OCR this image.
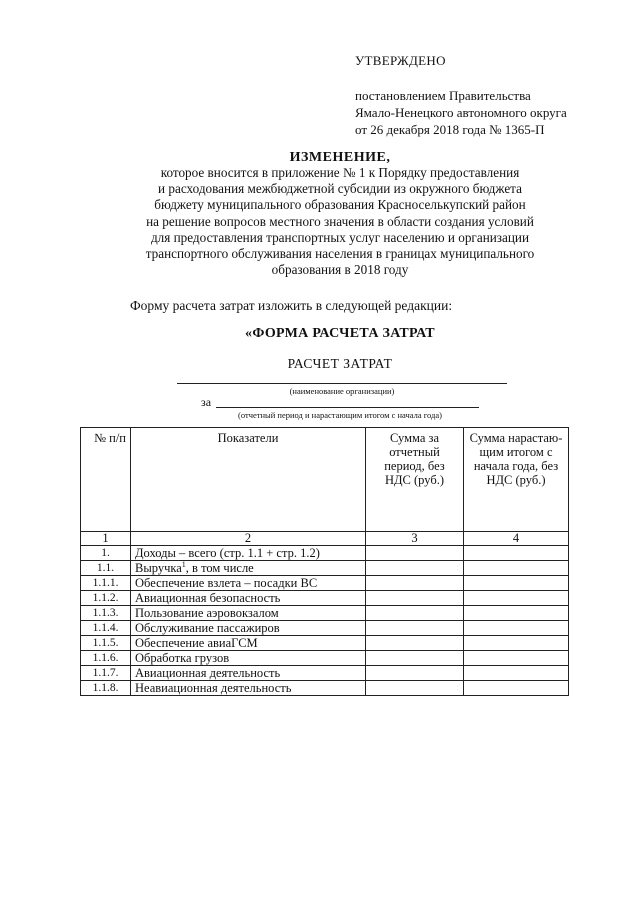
УТВЕРЖДЕНО
постановлением Правительства
Ямало-Ненецкого автономного округа
от 26 декабря 2018 года № 1365-П
ИЗМЕНЕНИЕ,
которое вносится в приложение № 1 к Порядку предоставления
и расходования межбюджетной субсидии из окружного бюджета
бюджету муниципального образования Красноселькупский район
на решение вопросов местного значения в области создания условий
для предоставления транспортных услуг населению и организации
транспортного обслуживания населения в границах муниципального
образования в 2018 году
Форму расчета затрат изложить в следующей редакции:
«ФОРМА РАСЧЕТА ЗАТРАТ
РАСЧЕТ ЗАТРАТ
(наименование организации)
за
(отчетный период и нарастающим итогом с начала года)
№ п/п	Показатели	Сумма за отчетный период, без НДС (руб.)	Сумма нарастаю-щим итогом с начала года, без НДС (руб.)
1	2	3	4
1.	Доходы – всего (стр. 1.1 + стр. 1.2)		
1.1.	Выручка$^1$, в том числе		
1.1.1.	Обеспечение взлета – посадки ВС		
1.1.2.	Авиационная безопасность		
1.1.3.	Пользование аэровокзалом		
1.1.4.	Обслуживание пассажиров		
1.1.5.	Обеспечение авиаГСМ		
1.1.6.	Обработка грузов		
1.1.7.	Авиационная деятельность		
1.1.8.	Неавиационная деятельность		
